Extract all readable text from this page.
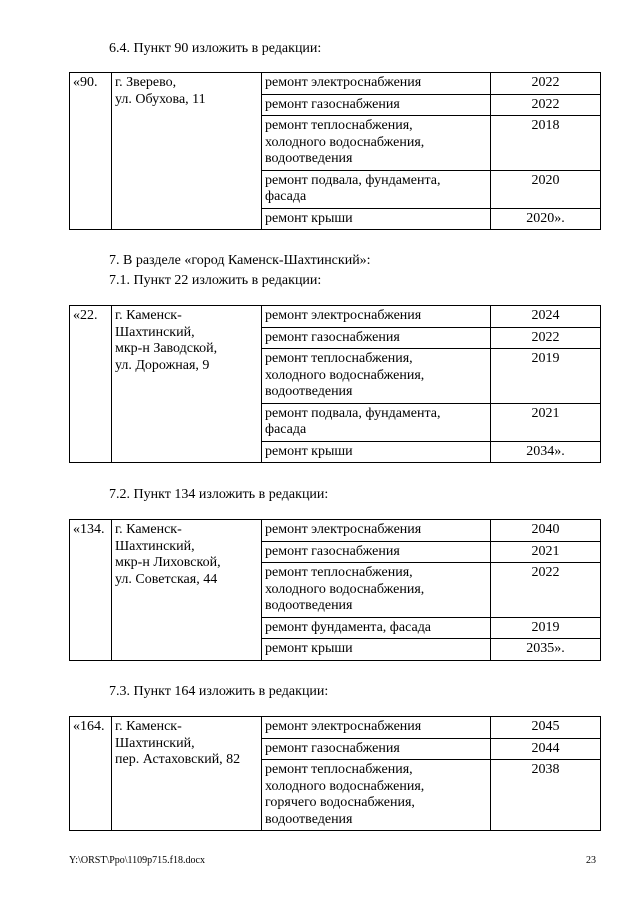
6.4. Пункт 90 изложить в редакции:
«90.	г. Зверево,
ул. Обухова, 11	ремонт электроснабжения	2022
		ремонт газоснабжения	2022
		ремонт теплоснабжения,
холодного водоснабжения,
водоотведения	2018
		ремонт подвала, фундамента,
фасада	2020
		ремонт крыши	2020».
7. В разделе «город Каменск-Шахтинский»:
7.1. Пункт 22 изложить в редакции:
«22.	г. Каменск-
Шахтинский,
мкр-н Заводской,
ул. Дорожная, 9	ремонт электроснабжения	2024
		ремонт газоснабжения	2022
		ремонт теплоснабжения,
холодного водоснабжения,
водоотведения	2019
		ремонт подвала, фундамента,
фасада	2021
		ремонт крыши	2034».
7.2. Пункт 134 изложить в редакции:
«134.	г. Каменск-
Шахтинский,
мкр-н Лиховской,
ул. Советская, 44	ремонт электроснабжения	2040
		ремонт газоснабжения	2021
		ремонт теплоснабжения,
холодного водоснабжения,
водоотведения	2022
		ремонт фундамента, фасада	2019
		ремонт крыши	2035».
7.3. Пункт 164 изложить в редакции:
«164.	г. Каменск-
Шахтинский,
пер. Астаховский, 82	ремонт электроснабжения	2045
		ремонт газоснабжения	2044
		ремонт теплоснабжения,
холодного водоснабжения,
горячего водоснабжения,
водоотведения	2038
Y:\ORST\Ppo\1109p715.f18.docx	23
